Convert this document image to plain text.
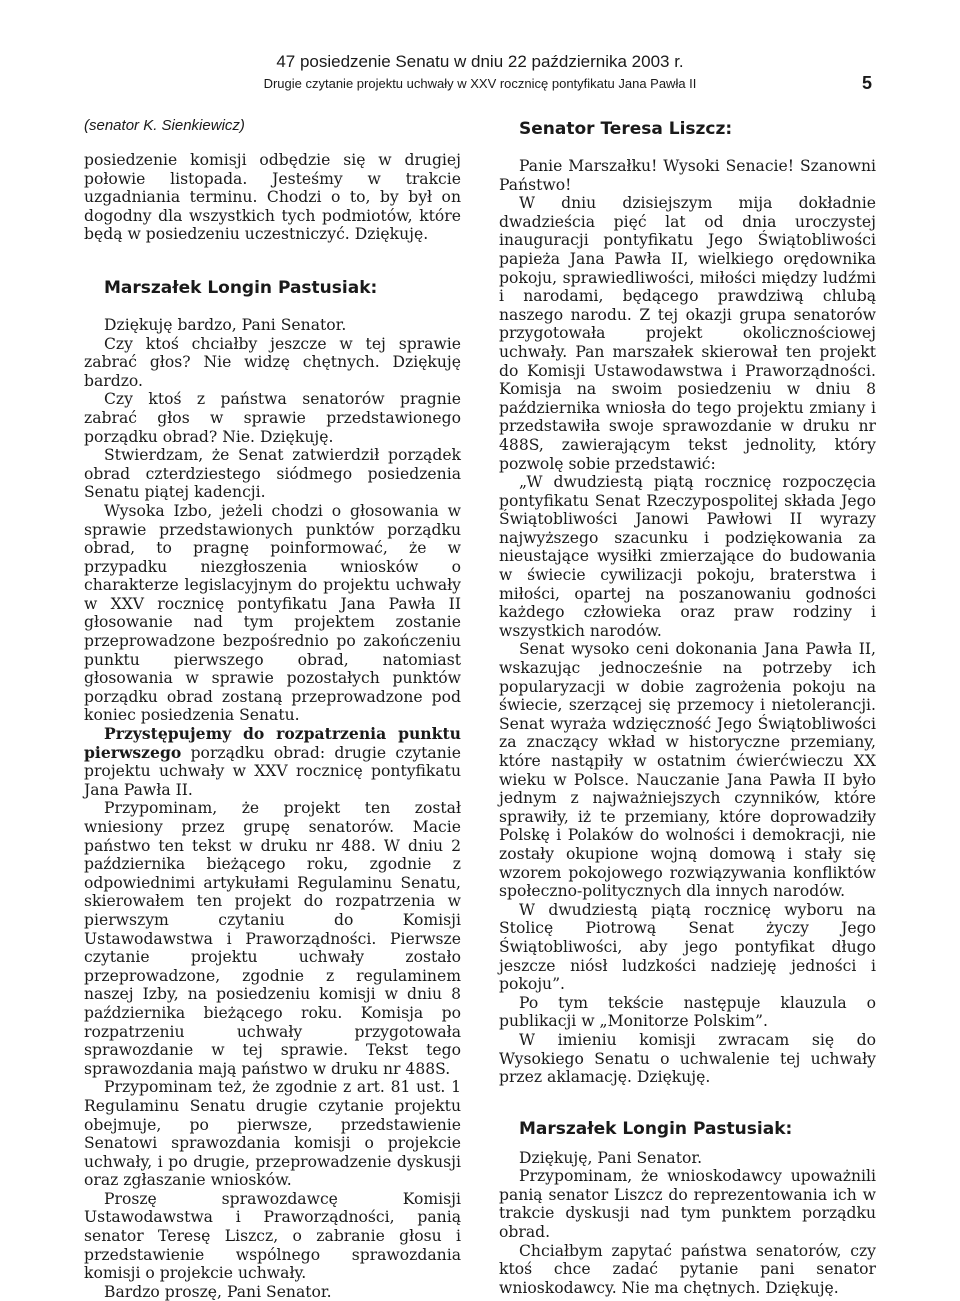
47 posiedzenie Senatu w dniu 22 października 2003 r.
Drugie czytanie projektu uchwały w XXV rocznicę pontyfikatu Jana Pawła II	5
(senator K. Sienkiewicz)

posiedzenie komisji odbędzie się w drugiej połowie listopada. Jesteśmy w trakcie uzgadniania terminu. Chodzi o to, by był on dogodny dla wszystkich tych podmiotów, które będą w posiedzeniu uczestniczyć. Dziękuję.

Marszałek Longin Pastusiak:

Dziękuję bardzo, Pani Senator.

Czy ktoś chciałby jeszcze w tej sprawie zabrać głos? Nie widzę chętnych. Dziękuję bardzo.

Czy ktoś z państwa senatorów pragnie zabrać głos w sprawie przedstawionego porządku obrad? Nie. Dziękuję.

Stwierdzam, że Senat zatwierdził porządek obrad czterdziestego siódmego posiedzenia Senatu piątej kadencji.

Wysoka Izbo, jeżeli chodzi o głosowania w sprawie przedstawionych punktów porządku obrad, to pragnę poinformować, że w przypadku niezgłoszenia wniosków o charakterze legislacyjnym do projektu uchwały w XXV rocznicę pontyfikatu Jana Pawła II głosowanie nad tym projektem zostanie przeprowadzone bezpośrednio po zakończeniu punktu pierwszego obrad, natomiast głosowania w sprawie pozostałych punktów porządku obrad zostaną przeprowadzone pod koniec posiedzenia Senatu.

Przystępujemy do rozpatrzenia punktu pierwszego porządku obrad: drugie czytanie projektu uchwały w XXV rocznicę pontyfikatu Jana Pawła II.

Przypominam, że projekt ten został wniesiony przez grupę senatorów. Macie państwo ten tekst w druku nr 488. W dniu 2 października bieżącego roku, zgodnie z odpowiednimi artykułami Regulaminu Senatu, skierowałem ten projekt do rozpatrzenia w pierwszym czytaniu do Komisji Ustawodawstwa i Praworządności. Pierwsze czytanie projektu uchwały zostało przeprowadzone, zgodnie z regulaminem naszej Izby, na posiedzeniu komisji w dniu 8 października bieżącego roku. Komisja po rozpatrzeniu uchwały przygotowała sprawozdanie w tej sprawie. Tekst tego sprawozdania mają państwo w druku nr 488S.

Przypominam też, że zgodnie z art. 81 ust. 1 Regulaminu Senatu drugie czytanie projektu obejmuje, po pierwsze, przedstawienie Senatowi sprawozdania komisji o projekcie uchwały, i po drugie, przeprowadzenie dyskusji oraz zgłaszanie wniosków.

Proszę sprawozdawcę Komisji Ustawodawstwa i Praworządności, panią senator Teresę Liszcz, o zabranie głosu i przedstawienie wspólnego sprawozdania komisji o projekcie uchwały.

Bardzo proszę, Pani Senator.

Senator Teresa Liszcz:

Panie Marszałku! Wysoki Senacie! Szanowni Państwo!

W dniu dzisiejszym mija dokładnie dwadzieścia pięć lat od dnia uroczystej inauguracji pontyfikatu Jego Świątobliwości papieża Jana Pawła II, wielkiego orędownika pokoju, sprawiedliwości, miłości między ludźmi i narodami, będącego prawdziwą chlubą naszego narodu. Z tej okazji grupa senatorów przygotowała projekt okolicznościowej uchwały. Pan marszałek skierował ten projekt do Komisji Ustawodawstwa i Praworządności. Komisja na swoim posiedzeniu w dniu 8 października wniosła do tego projektu zmiany i przedstawiła swoje sprawozdanie w druku nr 488S, zawierającym tekst jednolity, który pozwolę sobie przedstawić:

„W dwudziestą piątą rocznicę rozpoczęcia pontyfikatu Senat Rzeczypospolitej składa Jego Świątobliwości Janowi Pawłowi II wyrazy najwyższego szacunku i podziękowania za nieustające wysiłki zmierzające do budowania w świecie cywilizacji pokoju, braterstwa i miłości, opartej na poszanowaniu godności każdego człowieka oraz praw rodziny i wszystkich narodów.

Senat wysoko ceni dokonania Jana Pawła II, wskazując jednocześnie na potrzeby ich popularyzacji w dobie zagrożenia pokoju na świecie, szerzącej się przemocy i nietolerancji. Senat wyraża wdzięczność Jego Świątobliwości za znaczący wkład w historyczne przemiany, które nastąpiły w ostatnim ćwierćwieczu XX wieku w Polsce. Nauczanie Jana Pawła II było jednym z najważniejszych czynników, które sprawiły, iż te przemiany, które doprowadziły Polskę i Polaków do wolności i demokracji, nie zostały okupione wojną domową i stały się wzorem pokojowego rozwiązywania konfliktów społeczno-politycznych dla innych narodów.

W dwudziestą piątą rocznicę wyboru na Stolicę Piotrową Senat życzy Jego Świątobliwości, aby jego pontyfikat długo jeszcze niósł ludzkości nadzieję jedności i pokoju”.

Po tym tekście następuje klauzula o publikacji w „Monitorze Polskim”.

W imieniu komisji zwracam się do Wysokiego Senatu o uchwalenie tej uchwały przez aklamację. Dziękuję.

Marszałek Longin Pastusiak:

Dziękuję, Pani Senator.

Przypominam, że wnioskodawcy upoważnili panią senator Liszcz do reprezentowania ich w trakcie dyskusji nad tym punktem porządku obrad.

Chciałbym zapytać państwa senatorów, czy ktoś chce zadać pytanie pani senator wnioskodawcy. Nie ma chętnych. Dziękuję.
